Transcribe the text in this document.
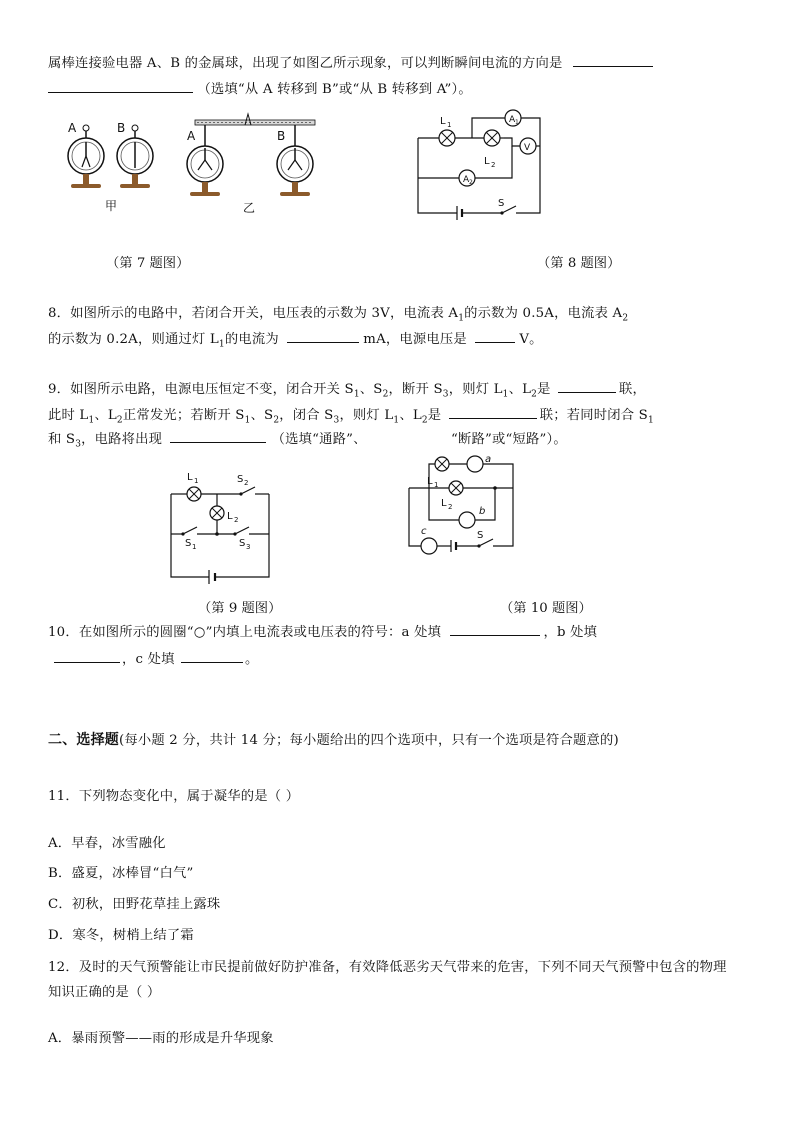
属棒连接验电器 A、B 的金属球，出现了如图乙所示现象，可以判断瞬间电流的方向是
（选填“从 A 转移到 B”或“从 B 转移到 A”）。
A	B
A	B
甲	乙	S
L 1
L 2
A 1
V
A 2
（第 7 题图）	（第 8 题图）
8．如图所示的电路中，若闭合开关，电压表的示数为 3V，电流表 $A_1$的示数为 0.5A，电流表 $A_2$
的示数为 0.2A，则通过灯 $L_1$的电流为	mA，电源电压是	V。
9．如图所示电路，电源电压恒定不变，闭合开关 $S_1$、$S_2$，断开 $S_3$，则灯 $L_1$、$L_2$是	联，
此时 $L_1$、$L_2$正常发光；若断开 $S_1$、$S_2$，闭合 $S_3$，则灯 $L_1$、$L_2$是	联；若同时闭合 $S_1$
和 $S_3$，电路将出现	（选填“通路”、	“断路”或“短路”）。
L 1	S 2
S 1
L 2
S 3
c	S
L 1
a
L 2	b
（第 9 题图）	（第 10 题图）
10．在如图所示的圆圈“○”内填上电流表或电压表的符号：a 处填	，b 处填
，c 处填	。
二、选择题(每小题 2 分，共计 14 分；每小题给出的四个选项中，只有一个选项是符合题意的)
11．下列物态变化中，属于凝华的是（ ）
A．早春，冰雪融化
B．盛夏，冰棒冒“白气”
C．初秋，田野花草挂上露珠
D．寒冬，树梢上结了霜
12．及时的天气预警能让市民提前做好防护准备，有效降低恶劣天气带来的危害，下列不同天气预警中包含的物理
知识正确的是（ ）
A．暴雨预警——雨的形成是升华现象
